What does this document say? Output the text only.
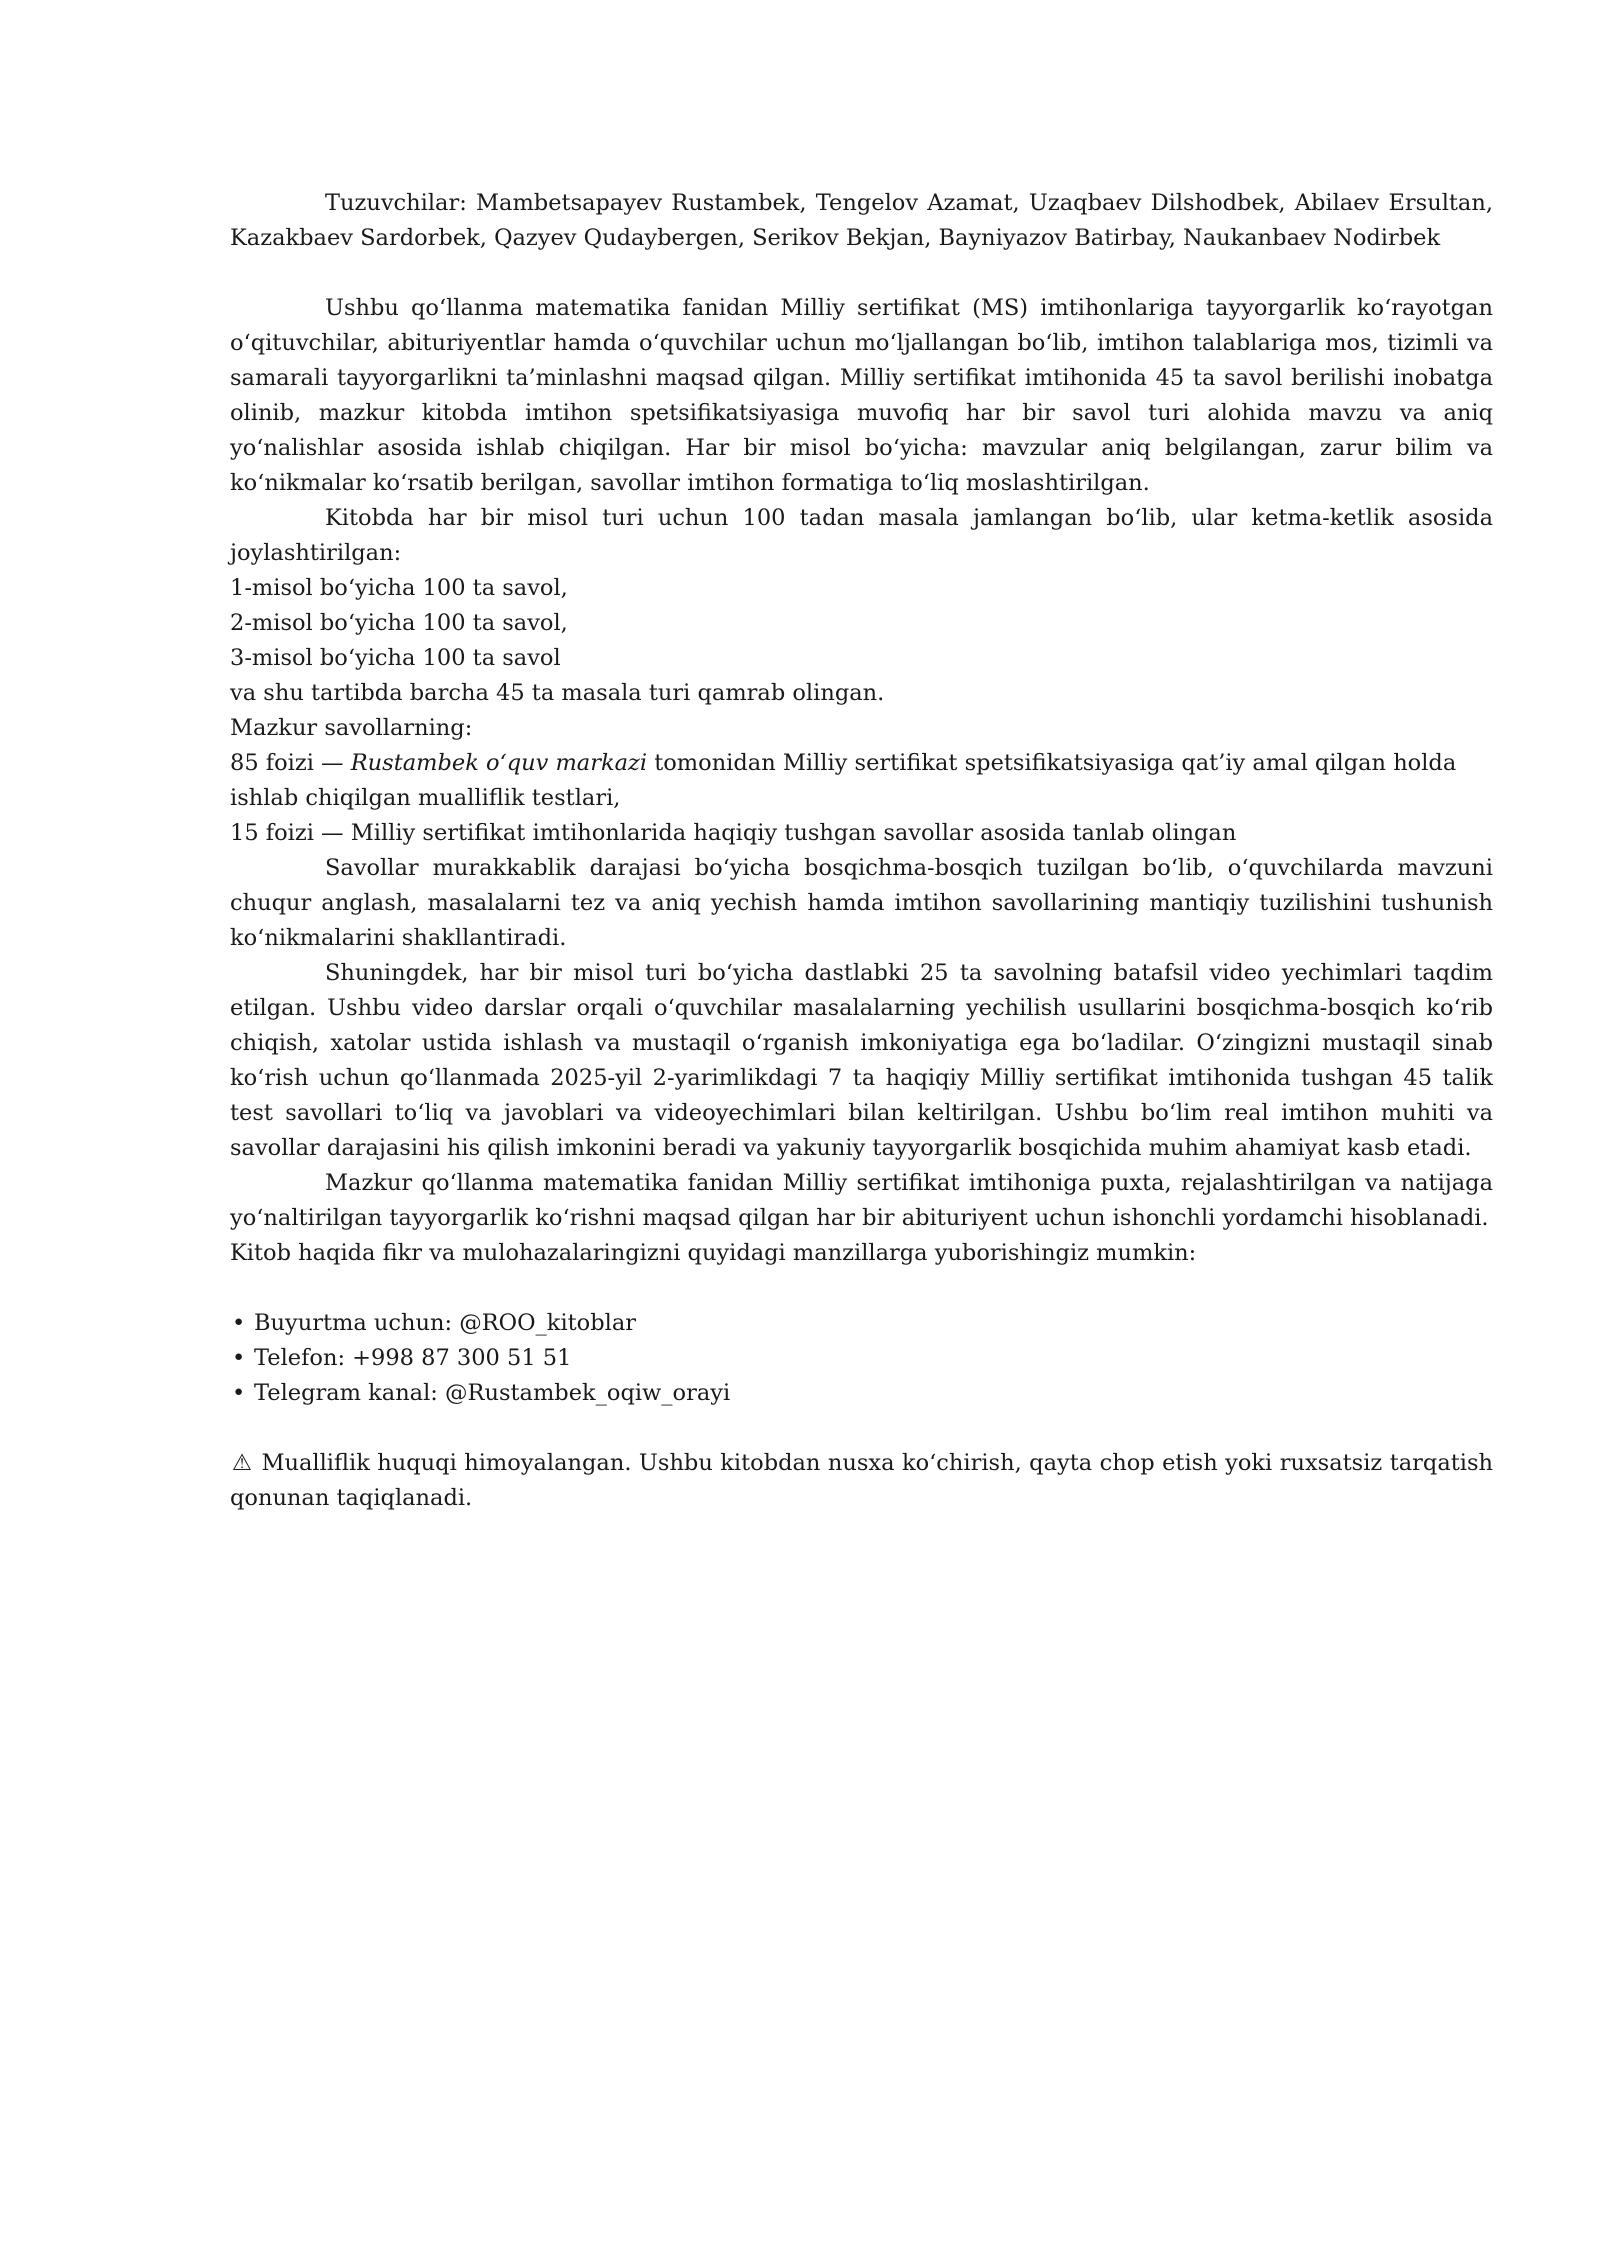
Tuzuvchilar: Mambetsapayev Rustambek, Tengelov Azamat, Uzaqbaev Dilshodbek, Abilaev Ersultan, Kazakbaev Sardorbek, Qazyev Qudaybergen, Serikov Bekjan, Bayniyazov Batirbay, Naukanbaev Nodirbek

Ushbu qo‘llanma matematika fanidan Milliy sertifikat (MS) imtihonlariga tayyorgarlik ko‘rayotgan o‘qituvchilar, abituriyentlar hamda o‘quvchilar uchun mo‘ljallangan bo‘lib, imtihon talablariga mos, tizimli va samarali tayyorgarlikni ta’minlashni maqsad qilgan. Milliy sertifikat imtihonida 45 ta savol berilishi inobatga olinib, mazkur kitobda imtihon spetsifikatsiyasiga muvofiq har bir savol turi alohida mavzu va aniq yo‘nalishlar asosida ishlab chiqilgan. Har bir misol bo‘yicha: mavzular aniq belgilangan, zarur bilim va ko‘nikmalar ko‘rsatib berilgan, savollar imtihon formatiga to‘liq moslashtirilgan.

Kitobda har bir misol turi uchun 100 tadan masala jamlangan bo‘lib, ular ketma-ketlik asosida joylashtirilgan:

1-misol bo‘yicha 100 ta savol,

2-misol bo‘yicha 100 ta savol,

3-misol bo‘yicha 100 ta savol

va shu tartibda barcha 45 ta masala turi qamrab olingan.

Mazkur savollarning:

85 foizi — Rustambek o‘quv markazi tomonidan Milliy sertifikat spetsifikatsiyasiga qat’iy amal qilgan holda ishlab chiqilgan mualliflik testlari,

15 foizi — Milliy sertifikat imtihonlarida haqiqiy tushgan savollar asosida tanlab olingan

Savollar murakkablik darajasi bo‘yicha bosqichma-bosqich tuzilgan bo‘lib, o‘quvchilarda mavzuni chuqur anglash, masalalarni tez va aniq yechish hamda imtihon savollarining mantiqiy tuzilishini tushunish ko‘nikmalarini shakllantiradi.

Shuningdek, har bir misol turi bo‘yicha dastlabki 25 ta savolning batafsil video yechimlari taqdim etilgan. Ushbu video darslar orqali o‘quvchilar masalalarning yechilish usullarini bosqichma-bosqich ko‘rib chiqish, xatolar ustida ishlash va mustaqil o‘rganish imkoniyatiga ega bo‘ladilar. O‘zingizni mustaqil sinab ko‘rish uchun qo‘llanmada 2025-yil 2-yarimlikdagi 7 ta haqiqiy Milliy sertifikat imtihonida tushgan 45 talik test savollari to‘liq va javoblari va videoyechimlari bilan keltirilgan. Ushbu bo‘lim real imtihon muhiti va savollar darajasini his qilish imkonini beradi va yakuniy tayyorgarlik bosqichida muhim ahamiyat kasb etadi.

Mazkur qo‘llanma matematika fanidan Milliy sertifikat imtihoniga puxta, rejalashtirilgan va natijaga yo‘naltirilgan tayyorgarlik ko‘rishni maqsad qilgan har bir abituriyent uchun ishonchli yordamchi hisoblanadi.

Kitob haqida fikr va mulohazalaringizni quyidagi manzillarga yuborishingiz mumkin:

• Buyurtma uchun: @ROO_kitoblar
• Telefon: +998 87 300 51 51
• Telegram kanal: @Rustambek_oqiw_orayi

⚠ Mualliflik huquqi himoyalangan. Ushbu kitobdan nusxa ko‘chirish, qayta chop etish yoki ruxsatsiz tarqatish qonunan taqiqlanadi.
